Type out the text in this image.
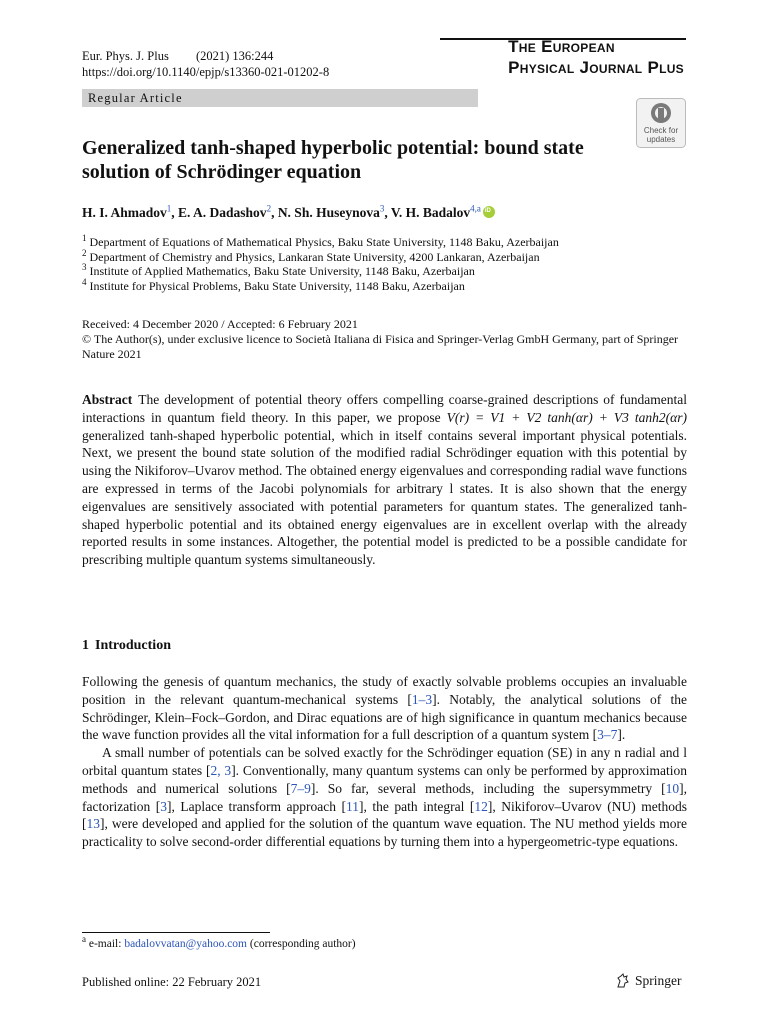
Eur. Phys. J. Plus (2021) 136:244
https://doi.org/10.1140/epjp/s13360-021-01202-8
The European
Physical Journal Plus
Regular Article
Check for
updates
Generalized tanh-shaped hyperbolic potential: bound state solution of Schrödinger equation
H. I. Ahmadov$^1$, E. A. Dadashov$^2$, N. Sh. Huseynova$^3$, V. H. Badalov$^{4,a}$iD
$^1$ Department of Equations of Mathematical Physics, Baku State University, 1148 Baku, Azerbaijan
$^2$ Department of Chemistry and Physics, Lankaran State University, 4200 Lankaran, Azerbaijan
$^3$ Institute of Applied Mathematics, Baku State University, 1148 Baku, Azerbaijan
$^4$ Institute for Physical Problems, Baku State University, 1148 Baku, Azerbaijan
Received: 4 December 2020 / Accepted: 6 February 2021
© The Author(s), under exclusive licence to Società Italiana di Fisica and Springer-Verlag GmbH Germany, part of Springer Nature 2021
Abstract The development of potential theory offers compelling coarse-grained descriptions of fundamental interactions in quantum field theory. In this paper, we propose V(r) = V1 + V2 tanh(αr) + V3 tanh2(αr) generalized tanh-shaped hyperbolic potential, which in itself contains several important physical potentials. Next, we present the bound state solution of the modified radial Schrödinger equation with this potential by using the Nikiforov–Uvarov method. The obtained energy eigenvalues and corresponding radial wave functions are expressed in terms of the Jacobi polynomials for arbitrary l states. It is also shown that the energy eigenvalues are sensitively associated with potential parameters for quantum states. The generalized tanh-shaped hyperbolic potential and its obtained energy eigenvalues are in excellent overlap with the already reported results in some instances. Altogether, the potential model is predicted to be a possible candidate for prescribing multiple quantum systems simultaneously.
1 Introduction

Following the genesis of quantum mechanics, the study of exactly solvable problems occupies an invaluable position in the relevant quantum-mechanical systems [1–3]. Notably, the analytical solutions of the Schrödinger, Klein–Fock–Gordon, and Dirac equations are of high significance in quantum mechanics because the wave function provides all the vital information for a full description of a quantum system [3–7].

A small number of potentials can be solved exactly for the Schrödinger equation (SE) in any n radial and l orbital quantum states [2, 3]. Conventionally, many quantum systems can only be performed by approximation methods and numerical solutions [7–9]. So far, several methods, including the supersymmetry [10], factorization [3], Laplace transform approach [11], the path integral [12], Nikiforov–Uvarov (NU) methods [13], were developed and applied for the solution of the quantum wave equation. The NU method yields more practicality to solve second-order differential equations by turning them into a hypergeometric-type equations.

$^a$ e-mail: badalovvatan@yahoo.com (corresponding author)
Published online: 22 February 2021	Springer
